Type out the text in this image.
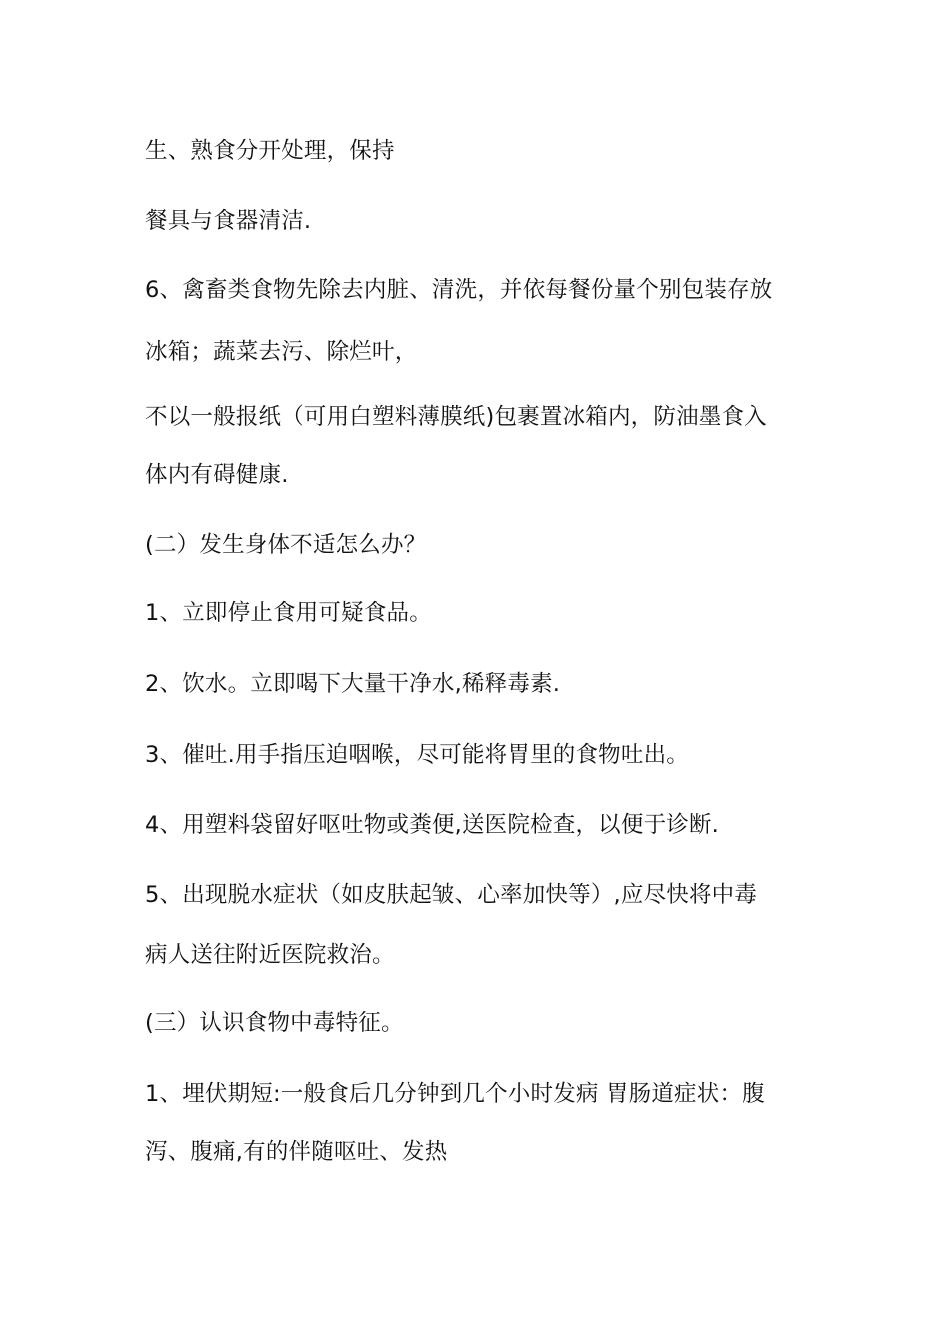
生、熟食分开处理，保持
餐具与食器清洁.
6、禽畜类食物先除去内脏、清洗，并依每餐份量个别包装存放
冰箱；蔬菜去污、除烂叶，
不以一般报纸（可用白塑料薄膜纸)包裹置冰箱内，防油墨食入
体内有碍健康.
(二）发生身体不适怎么办？
1、立即停止食用可疑食品。
2、饮水。立即喝下大量干净水,稀释毒素.
3、催吐.用手指压迫咽喉，尽可能将胃里的食物吐出。
4、用塑料袋留好呕吐物或粪便,送医院检查，以便于诊断.
5、出现脱水症状（如皮肤起皱、心率加快等）,应尽快将中毒
病人送往附近医院救治。
(三）认识食物中毒特征。
1、埋伏期短:一般食后几分钟到几个小时发病 胃肠道症状：腹
泻、腹痛,有的伴随呕吐、发热
